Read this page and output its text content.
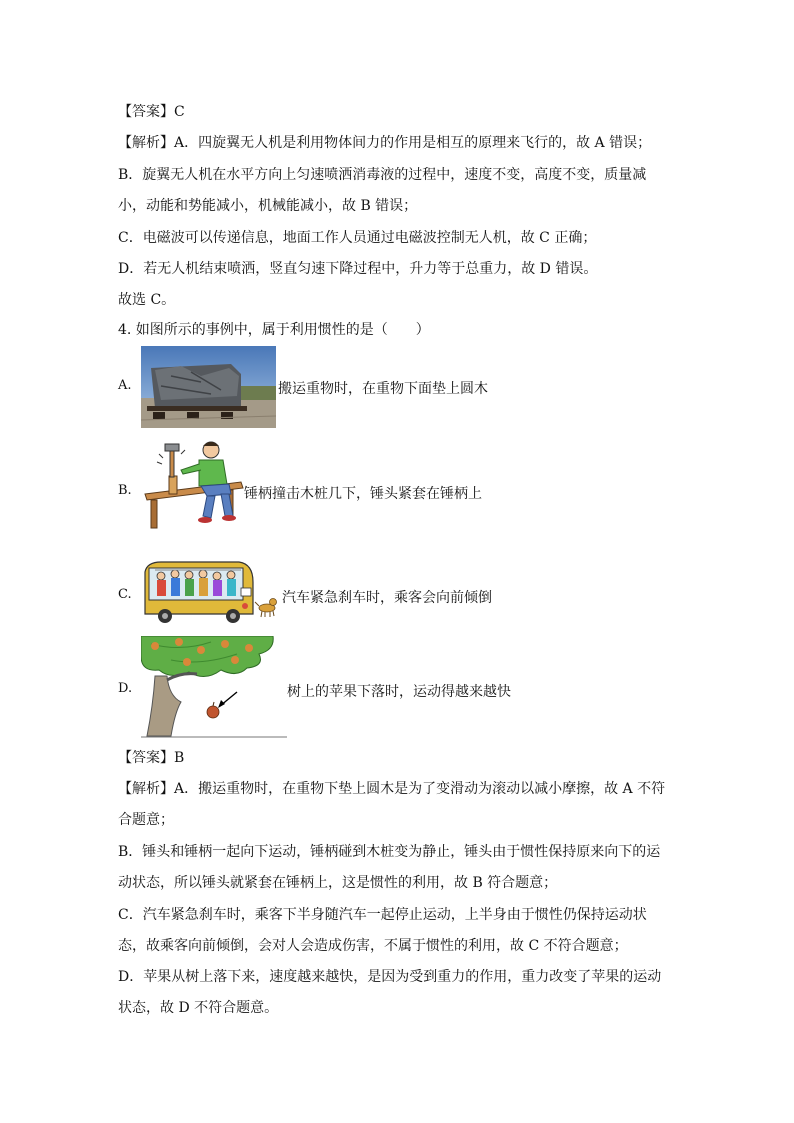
【答案】C
【解析】A．四旋翼无人机是利用物体间力的作用是相互的原理来飞行的，故 A 错误；
B．旋翼无人机在水平方向上匀速喷洒消毒液的过程中，速度不变，高度不变，质量减
小，动能和势能减小，机械能减小，故 B 错误；
C．电磁波可以传递信息，地面工作人员通过电磁波控制无人机，故 C 正确；
D．若无人机结束喷洒，竖直匀速下降过程中，升力等于总重力，故 D 错误。
故选 C。
4. 如图所示的事例中，属于利用惯性的是（　　）
A.	搬运重物时，在重物下面垫上圆木
B.	锤柄撞击木桩几下，锤头紧套在锤柄上
C.	汽车紧急刹车时，乘客会向前倾倒
D.	树上的苹果下落时，运动得越来越快
【答案】B
【解析】A．搬运重物时，在重物下垫上圆木是为了变滑动为滚动以减小摩擦，故 A 不符
合题意；
B．锤头和锤柄一起向下运动，锤柄碰到木桩变为静止，锤头由于惯性保持原来向下的运
动状态，所以锤头就紧套在锤柄上，这是惯性的利用，故 B 符合题意；
C．汽车紧急刹车时，乘客下半身随汽车一起停止运动，上半身由于惯性仍保持运动状
态，故乘客向前倾倒，会对人会造成伤害，不属于惯性的利用，故 C 不符合题意；
D．苹果从树上落下来，速度越来越快，是因为受到重力的作用，重力改变了苹果的运动
状态，故 D 不符合题意。
